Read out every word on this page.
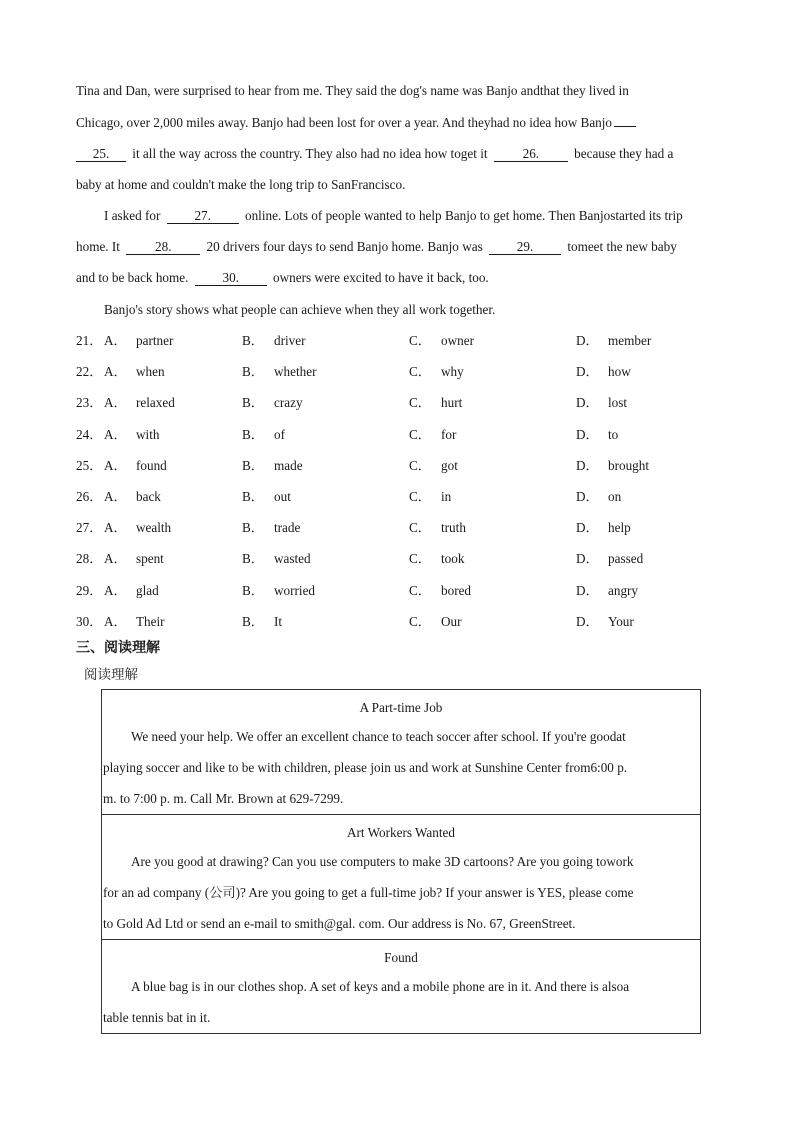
Tina and Dan, were surprised to hear from me. They said the dog's name was Banjo andthat they lived in
Chicago, over 2,000 miles away. Banjo had been lost for over a year. And theyhad no idea how Banjo
25. it all the way across the country. They also had no idea how toget it	26.	because they had a
baby at home and couldn't make the long trip to SanFrancisco.
I asked for	27.	online. Lots of people wanted to help Banjo to get home. Then Banjostarted its trip
home. It	28.	20 drivers four days to send Banjo home. Banjo was	29.	tomeet the new baby
and to be back home.	30.	owners were excited to have it back, too.
Banjo's story shows what people can achieve when they all work together.
21． A． partner	B． driver	C． owner	D． member
22． A． when	B． whether	C． why	D． how
23． A． relaxed	B． crazy	C． hurt	D． lost
24． A． with	B． of	C． for	D． to
25． A． found	B． made	C． got	D． brought
26． A． back	B． out	C． in	D． on
27． A． wealth	B． trade	C． truth	D． help
28． A． spent	B． wasted	C． took	D． passed
29． A． glad	B． worried	C． bored	D． angry
30． A． Their	B． It	C． Our	D． Your
三、阅读理解
阅读理解
A Part-time Job
We need your help. We offer an excellent chance to teach soccer after school. If you're goodat
playing soccer and like to be with children, please join us and work at Sunshine Center from6:00 p.
m. to 7:00 p. m. Call Mr. Brown at 629-7299.
Art Workers Wanted
Are you good at drawing? Can you use computers to make 3D cartoons? Are you going towork
for an ad company (公司)? Are you going to get a full-time job? If your answer is YES, please come
to Gold Ad Ltd or send an e-mail to smith@gal. com. Our address is No. 67, GreenStreet.
Found
A blue bag is in our clothes shop. A set of keys and a mobile phone are in it. And there is alsoa
table tennis bat in it.
